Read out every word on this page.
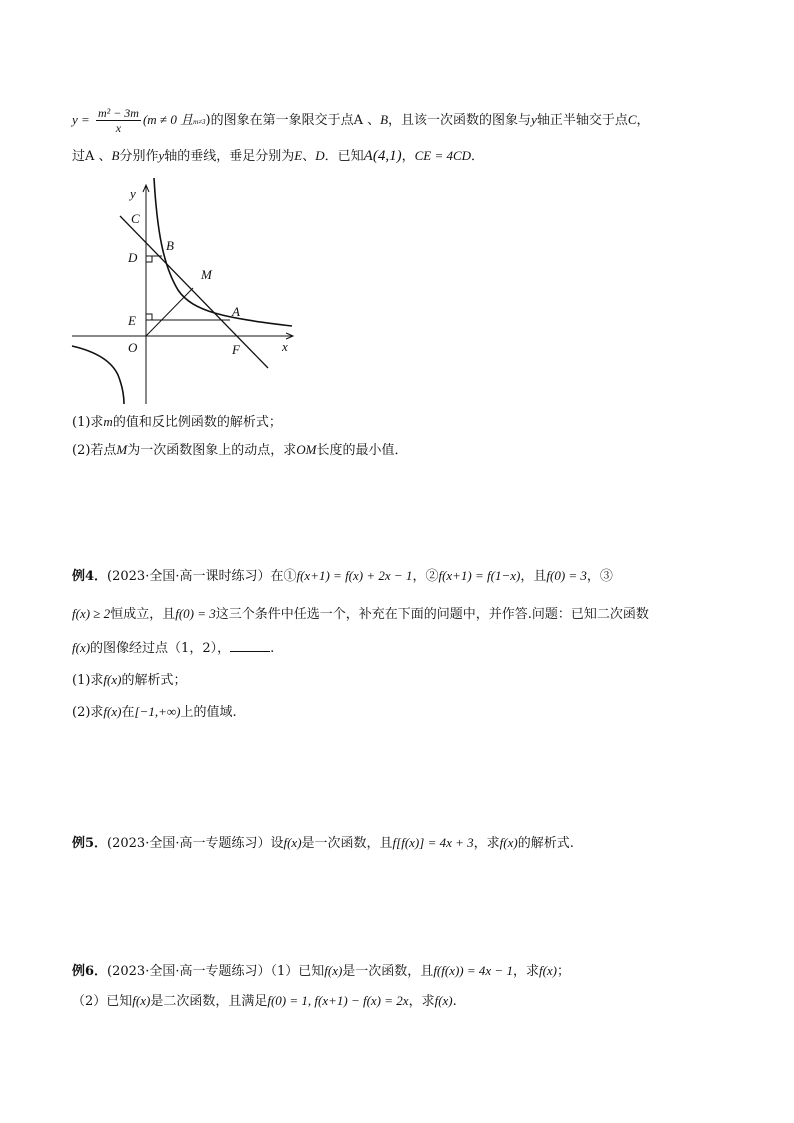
$y = \frac{\text{m² − 3m}}{x} (m \ne 0$ 且m≠3)的图象在第一象限交于点A 、B，且该一次函数的图象与y轴正半轴交于点C，
过A 、B分别作y轴的垂线，垂足分别为E、D．已知A(4,1)，CE = 4CD．
y
C
B
D
M
E
A
O	F	x
(1)求m的值和反比例函数的解析式；
(2)若点M为一次函数图象上的动点，求OM长度的最小值．
例4．(2023·全国·高一课时练习）在①f(x+1) = f(x) + 2x − 1，②f(x+1) = f(1−x)，且f(0) = 3，③
f(x) ≥ 2恒成立，且f(0) = 3这三个条件中任选一个，补充在下面的问题中，并作答.问题：已知二次函数
f(x)的图像经过点（1，2），	.
(1)求f(x)的解析式；
(2)求f(x)在[−1,+∞)上的值域.
例5．(2023·全国·高一专题练习）设f(x)是一次函数，且f[f(x)] = 4x + 3，求f(x)的解析式.
例6．(2023·全国·高一专题练习）（1）已知f(x)是一次函数，且f(f(x)) = 4x − 1，求f(x)；
（2）已知f(x)是二次函数，且满足f(0) = 1, f(x+1) − f(x) = 2x，求f(x).
